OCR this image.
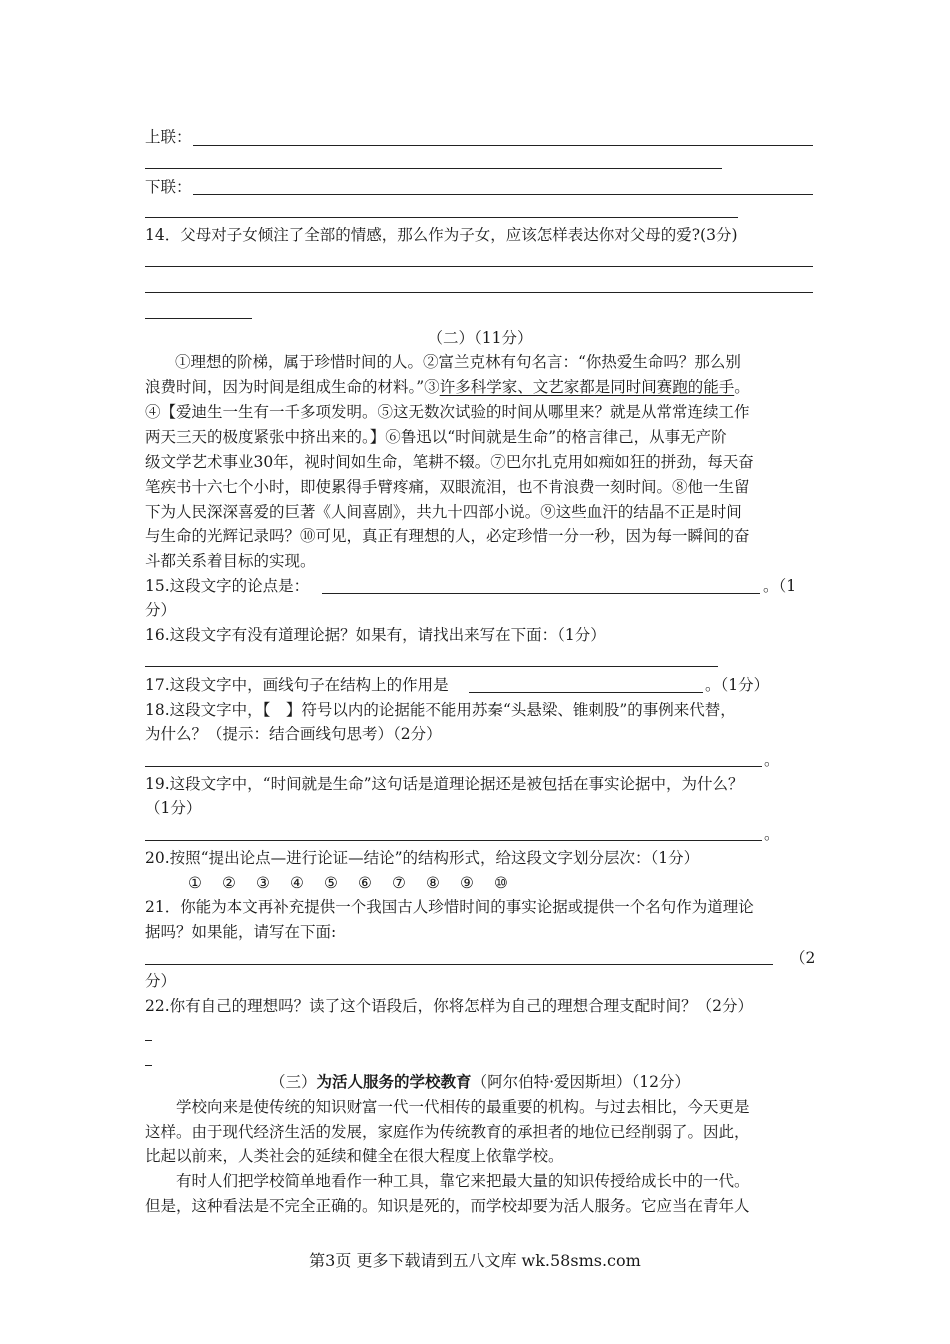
上联：
下联：
14．父母对子女倾注了全部的情感，那么作为子女，应该怎样表达你对父母的爱?(3分)
（二）（11分）
①理想的阶梯，属于珍惜时间的人。②富兰克林有句名言：“你热爱生命吗？那么别
浪费时间，因为时间是组成生命的材料。”③许多科学家、文艺家都是同时间赛跑的能手。
④【爱迪生一生有一千多项发明。⑤这无数次试验的时间从哪里来？就是从常常连续工作
两天三天的极度紧张中挤出来的。】⑥鲁迅以“时间就是生命”的格言律己，从事无产阶
级文学艺术事业30年，视时间如生命，笔耕不辍。⑦巴尔扎克用如痴如狂的拼劲，每天奋
笔疾书十六七个小时，即使累得手臂疼痛，双眼流泪，也不肯浪费一刻时间。⑧他一生留
下为人民深深喜爱的巨著《人间喜剧》，共九十四部小说。⑨这些血汗的结晶不正是时间
与生命的光辉记录吗？⑩可见，真正有理想的人，必定珍惜一分一秒，因为每一瞬间的奋
斗都关系着目标的实现。
15.这段文字的论点是：	。（1
分）
16.这段文字有没有道理论据？如果有，请找出来写在下面：（1分）
17.这段文字中，画线句子在结构上的作用是	。（1分）
18.这段文字中，【　】符号以内的论据能不能用苏秦“头悬梁、锥刺股”的事例来代替，
为什么？（提示：结合画线句思考）（2分）
。
19.这段文字中，“时间就是生命”这句话是道理论据还是被包括在事实论据中，为什么？
（1分）
。
20.按照“提出论点—进行论证—结论”的结构形式，给这段文字划分层次：（1分）
① ② ③ ④ ⑤ ⑥ ⑦ ⑧ ⑨ ⑩
21．你能为本文再补充提供一个我国古人珍惜时间的事实论据或提供一个名句作为道理论
据吗？如果能，请写在下面:
（2
分）
22.你有自己的理想吗？读了这个语段后，你将怎样为自己的理想合理支配时间？（2分）
（三）为活人服务的学校教育（阿尔伯特·爱因斯坦）（12分）
　　学校向来是使传统的知识财富一代一代相传的最重要的机构。与过去相比，今天更是
这样。由于现代经济生活的发展，家庭作为传统教育的承担者的地位已经削弱了。因此，
比起以前来，人类社会的延续和健全在很大程度上依靠学校。
　　有时人们把学校简单地看作一种工具，靠它来把最大量的知识传授给成长中的一代。
但是，这种看法是不完全正确的。知识是死的，而学校却要为活人服务。它应当在青年人
第3页 更多下载请到五八文库 wk.58sms.com
